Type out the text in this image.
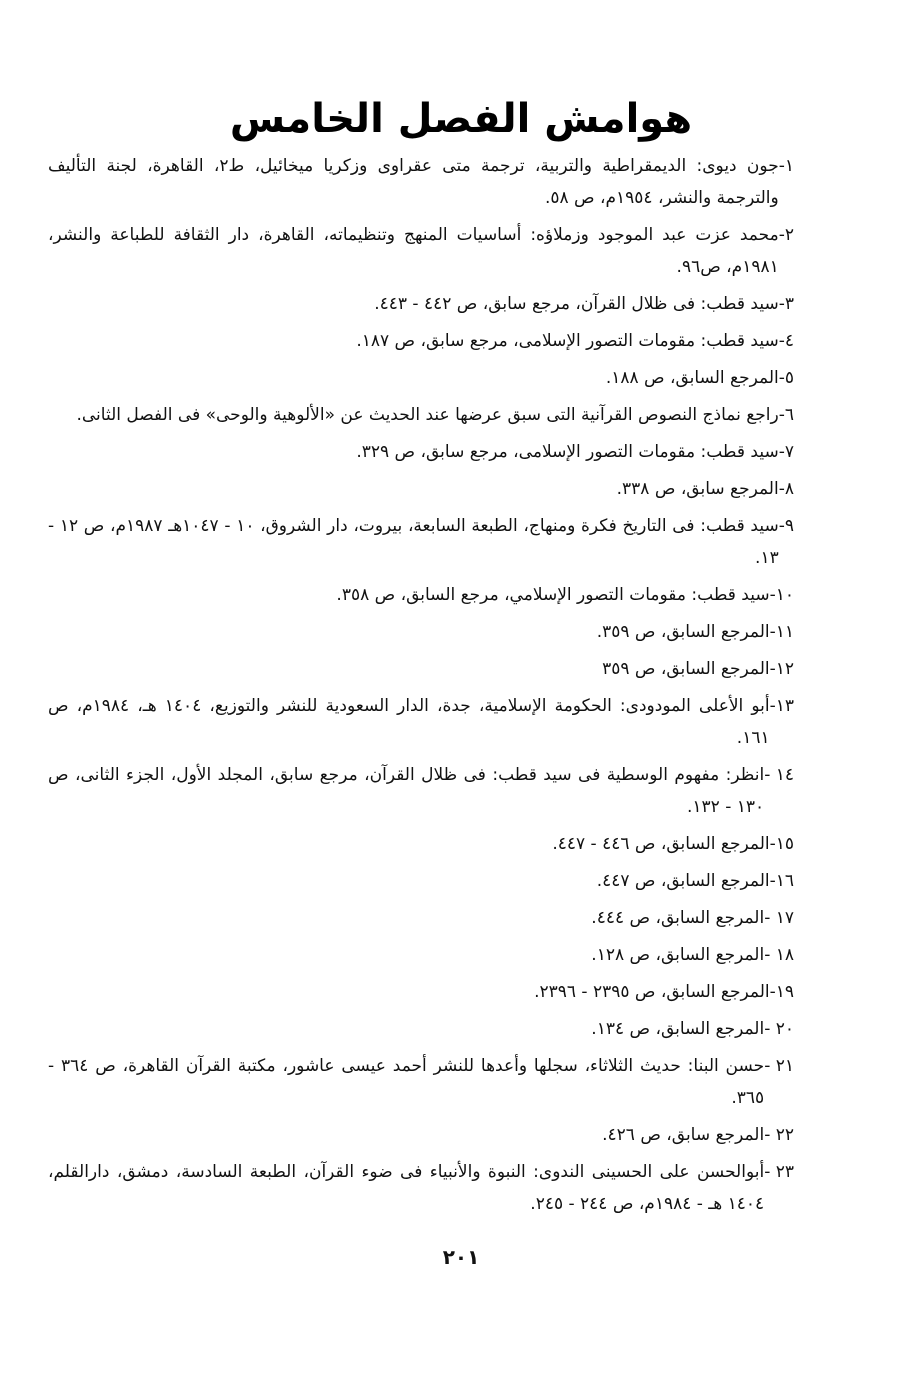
هوامش الفصل الخامس
١-
جون ديوى: الديمقراطية والتربية، ترجمة متى عقراوى وزكريا ميخائيل، ط٢، القاهرة، لجنة التأليف والترجمة والنشر، ١٩٥٤م، ص ٥٨.
٢-
محمد عزت عبد الموجود وزملاؤه: أساسيات المنهج وتنظيماته، القاهرة، دار الثقافة للطباعة والنشر، ١٩٨١م، ص٩٦.
٣-
سيد قطب: فى ظلال القرآن، مرجع سابق، ص ٤٤٢ - ٤٤٣.
٤-
سيد قطب: مقومات التصور الإسلامى، مرجع سابق، ص ١٨٧.
٥-
المرجع السابق، ص ١٨٨.
٦-
راجع نماذج النصوص القرآنية التى سبق عرضها عند الحديث عن «الألوهية والوحى» فى الفصل الثانى.
٧-
سيد قطب: مقومات التصور الإسلامى، مرجع سابق، ص ٣٢٩.
٨-
المرجع سابق، ص ٣٣٨.
٩-
سيد قطب: فى التاريخ فكرة ومنهاج، الطبعة السابعة، بيروت، دار الشروق، ١٠ - ١٠٤٧هـ ١٩٨٧م، ص ١٢ - ١٣.
١٠-
سيد قطب: مقومات التصور الإسلامي، مرجع السابق، ص ٣٥٨.
١١-
المرجع السابق، ص ٣٥٩.
١٢-
المرجع السابق، ص ٣٥٩
١٣-
أبو الأعلى المودودى: الحكومة الإسلامية، جدة، الدار السعودية للنشر والتوزيع، ١٤٠٤ هـ، ١٩٨٤م، ص ١٦١.
١٤ -
انظر: مفهوم الوسطية فى سيد قطب: فى ظلال القرآن، مرجع سابق، المجلد الأول، الجزء الثانى، ص ١٣٠ - ١٣٢.
١٥-
المرجع السابق، ص ٤٤٦ - ٤٤٧.
١٦-
المرجع السابق، ص ٤٤٧.
١٧ -
المرجع السابق، ص ٤٤٤.
١٨ -
المرجع السابق، ص ١٢٨.
١٩-
المرجع السابق، ص ٢٣٩٥ - ٢٣٩٦.
٢٠ -
المرجع السابق، ص ١٣٤.
٢١ -
حسن البنا: حديث الثلاثاء، سجلها وأعدها للنشر أحمد عيسى عاشور، مكتبة القرآن القاهرة، ص ٣٦٤ - ٣٦٥.
٢٢ -
المرجع سابق، ص ٤٢٦.
٢٣ -
أبوالحسن على الحسينى الندوى: النبوة والأنبياء فى ضوء القرآن، الطبعة السادسة، دمشق، دارالقلم، ١٤٠٤ هـ - ١٩٨٤م، ص ٢٤٤ - ٢٤٥.
٢٠١
